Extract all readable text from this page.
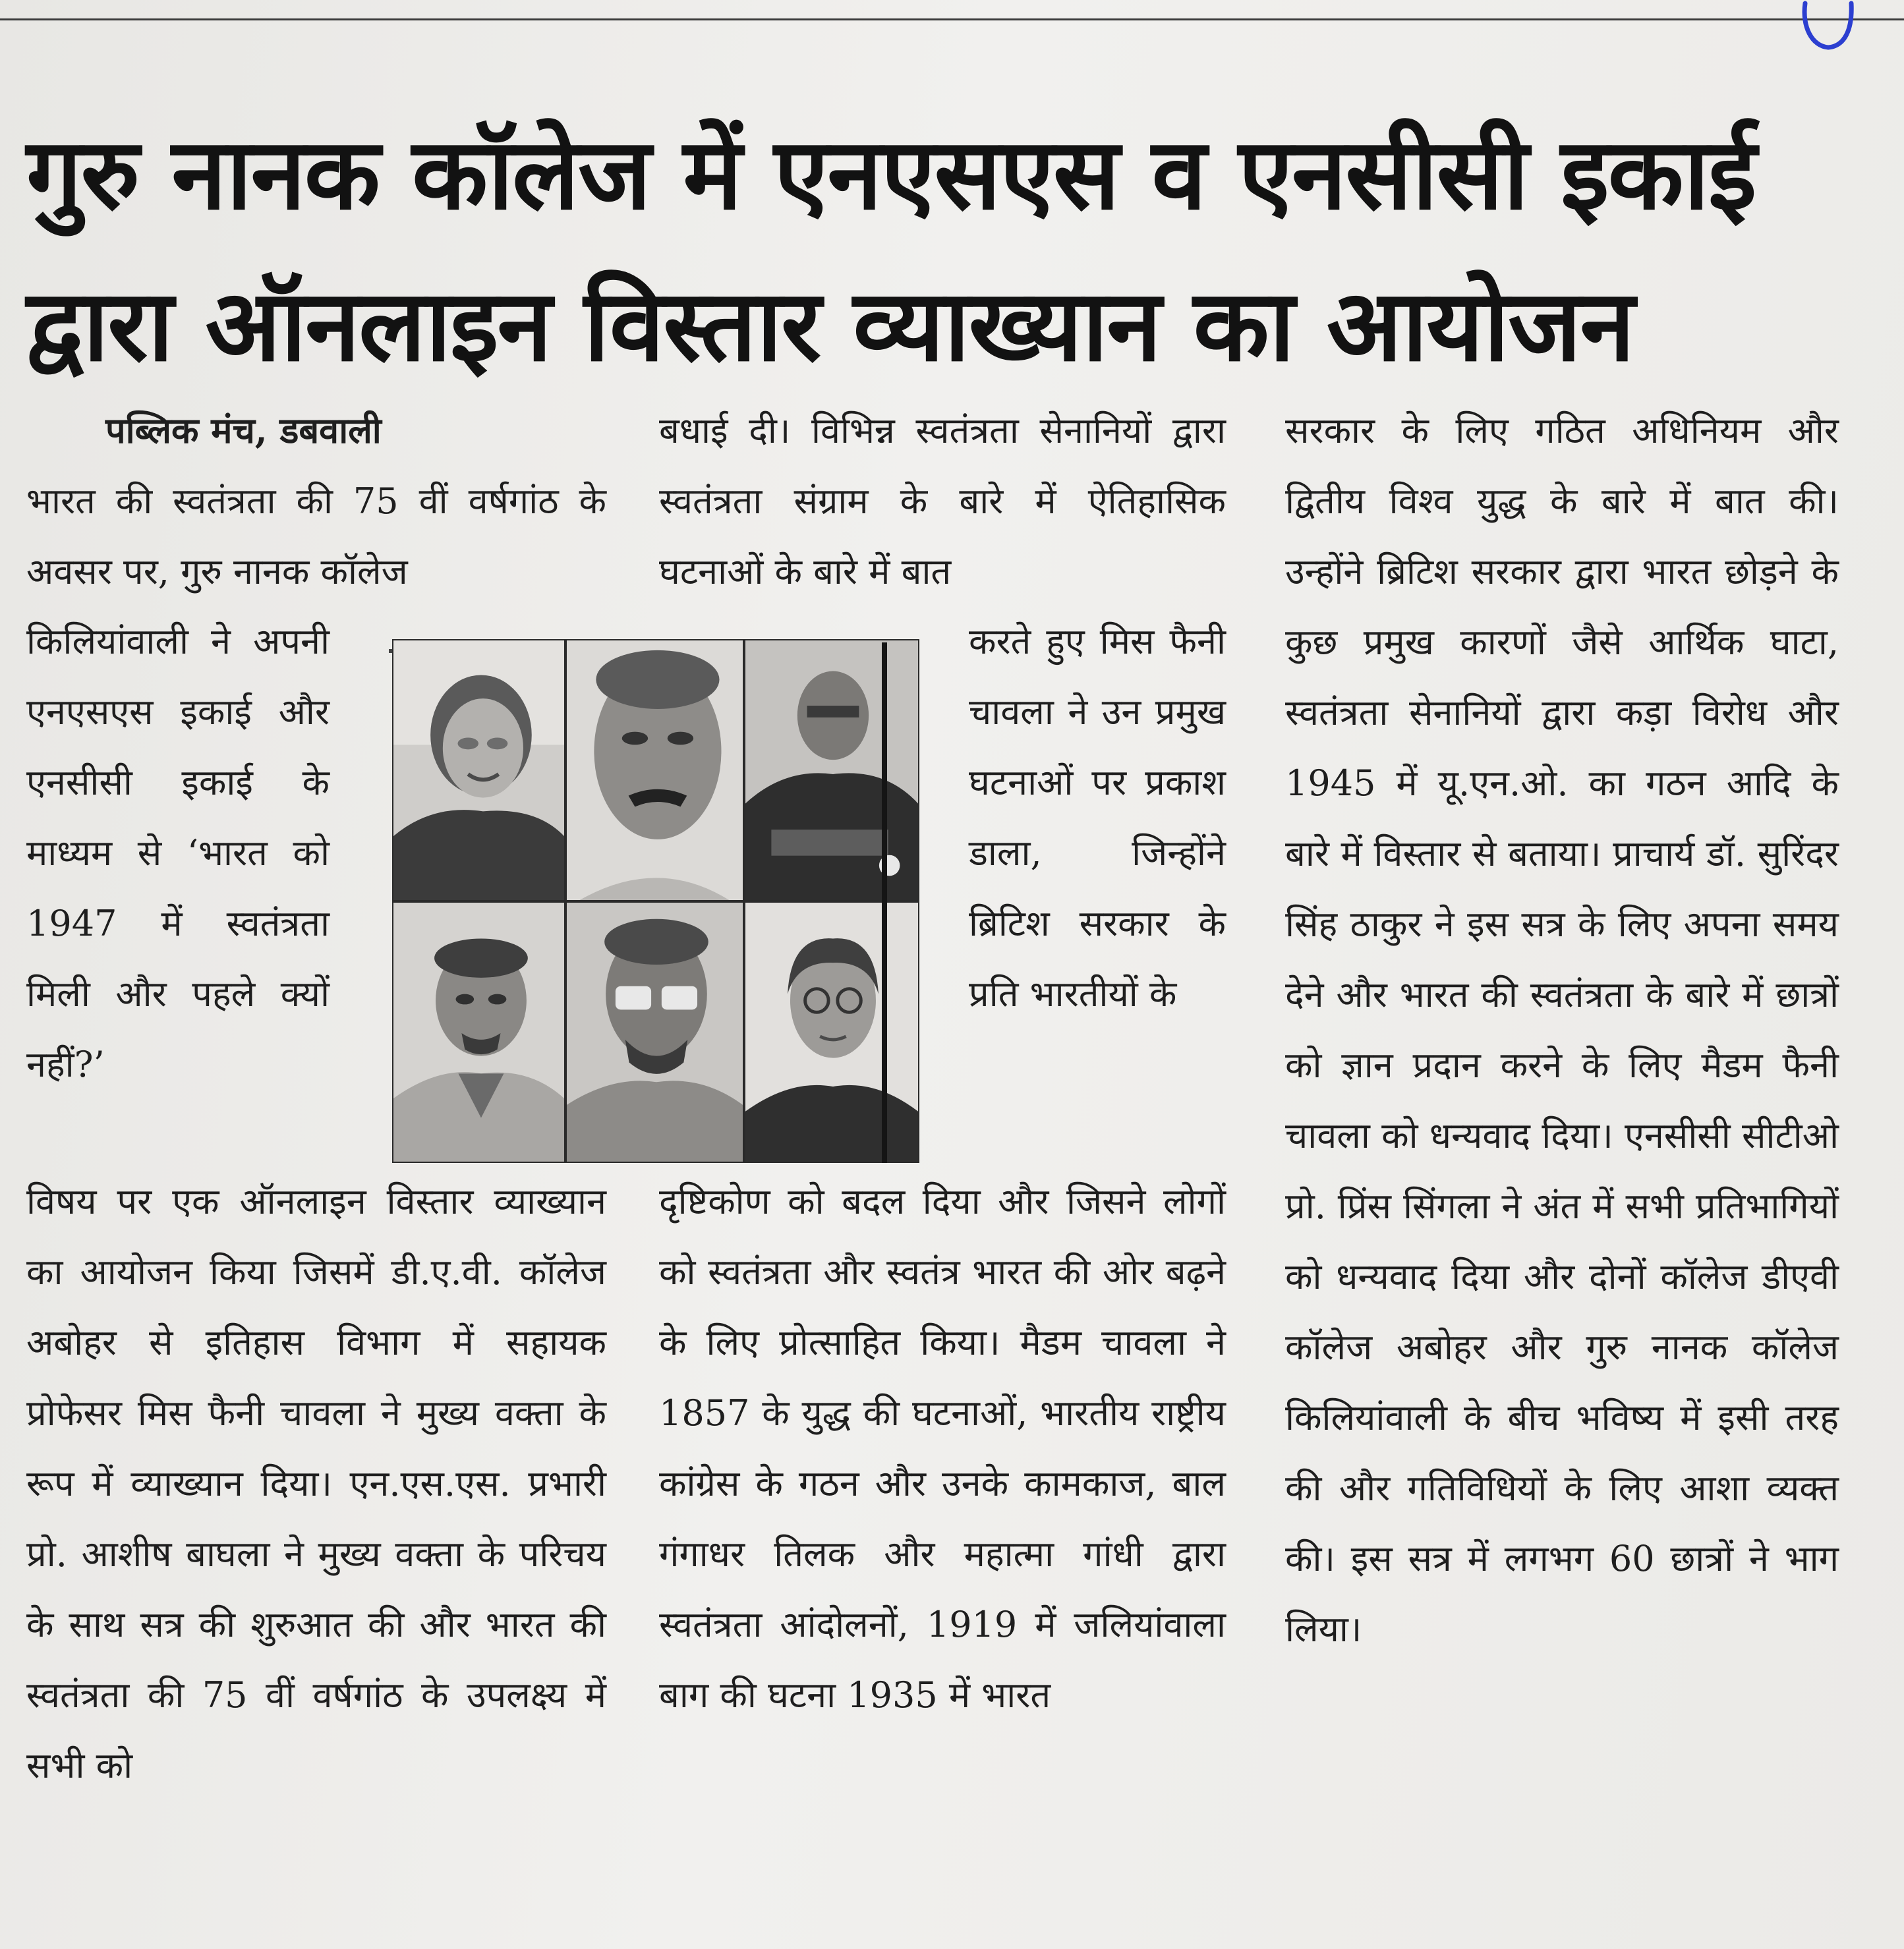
गुरु नानक कॉलेज में एनएसएस व एनसीसी इकाई
द्वारा ऑनलाइन विस्तार व्याख्यान का आयोजन

पब्लिक मंच, डबवाली

भारत की स्वतंत्रता की 75 वीं वर्षगांठ के अवसर पर, गुरु नानक कॉलेज

किलियांवाली ने अपनी एनएसएस इकाई और एनसीसी इकाई के माध्यम से ‘भारत को 1947 में स्वतंत्रता मिली और पहले क्यों नहीं?’

विषय पर एक ऑनलाइन विस्तार व्याख्यान का आयोजन किया जिसमें डी.ए.वी. कॉलेज अबोहर से इतिहास विभाग में सहायक प्रोफेसर मिस फैनी चावला ने मुख्य वक्ता के रूप में व्याख्यान दिया। एन.एस.एस. प्रभारी प्रो. आशीष बाघला ने मुख्य वक्ता के परिचय के साथ सत्र की शुरुआत की और भारत की स्वतंत्रता की 75 वीं वर्षगांठ के उपलक्ष्य में सभी को

बधाई दी। विभिन्न स्वतंत्रता सेनानियों द्वारा स्वतंत्रता संग्राम के बारे में ऐतिहासिक घटनाओं के बारे में बात

करते हुए मिस फैनी चावला ने उन प्रमुख घटनाओं पर प्रकाश डाला, जिन्होंने ब्रिटिश सरकार के प्रति भारतीयों के

दृष्टिकोण को बदल दिया और जिसने लोगों को स्वतंत्रता और स्वतंत्र भारत की ओर बढ़ने के लिए प्रोत्साहित किया। मैडम चावला ने 1857 के युद्ध की घटनाओं, भारतीय राष्ट्रीय कांग्रेस के गठन और उनके कामकाज, बाल गंगाधर तिलक और महात्मा गांधी द्वारा स्वतंत्रता आंदोलनों, 1919 में जलियांवाला बाग की घटना 1935 में भारत

सरकार के लिए गठित अधिनियम और द्वितीय विश्व युद्ध के बारे में बात की। उन्होंने ब्रिटिश सरकार द्वारा भारत छोड़ने के कुछ प्रमुख कारणों जैसे आर्थिक घाटा, स्वतंत्रता सेनानियों द्वारा कड़ा विरोध और 1945 में यू.एन.ओ. का गठन आदि के बारे में विस्तार से बताया। प्राचार्य डॉ. सुरिंदर सिंह ठाकुर ने इस सत्र के लिए अपना समय देने और भारत की स्वतंत्रता के बारे में छात्रों को ज्ञान प्रदान करने के लिए मैडम फैनी चावला को धन्यवाद दिया। एनसीसी सीटीओ प्रो. प्रिंस सिंगला ने अंत में सभी प्रतिभागियों को धन्यवाद दिया और दोनों कॉलेज डीएवी कॉलेज अबोहर और गुरु नानक कॉलेज किलियांवाली के बीच भविष्य में इसी तरह की और गतिविधियों के लिए आशा व्यक्त की। इस सत्र में लगभग 60 छात्रों ने भाग लिया।
